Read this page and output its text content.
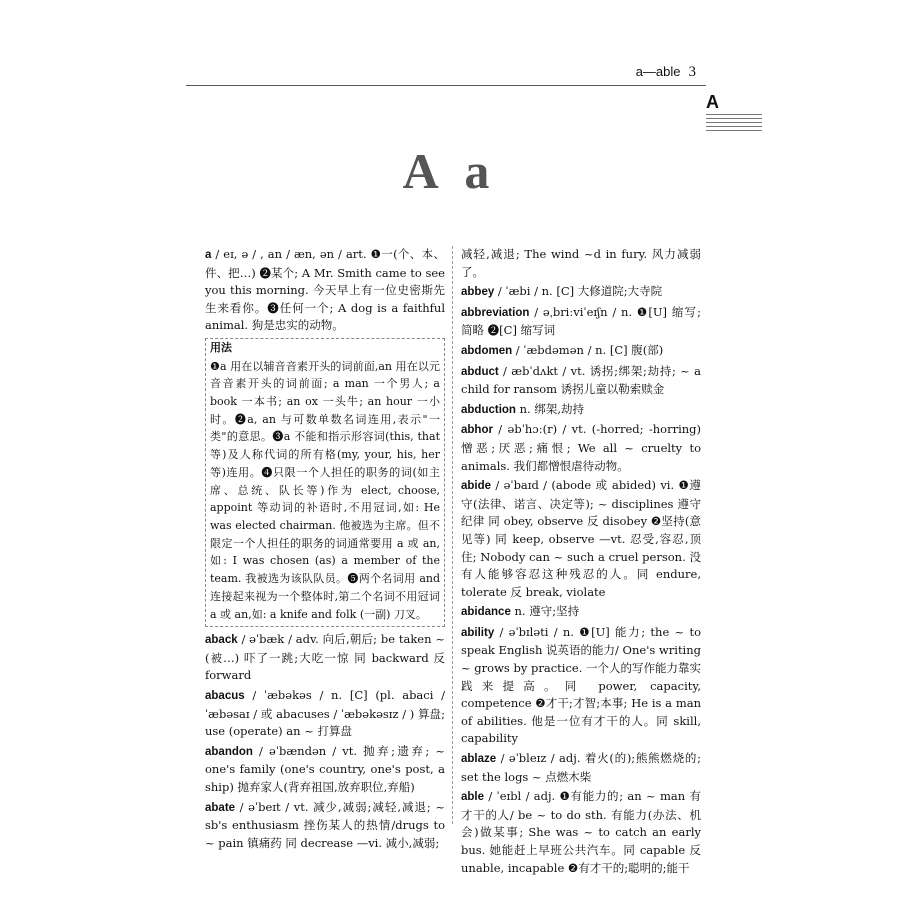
a—able 3
A
A a

a / eɪ, ə / , an / æn, ən / art. ❶一(个、本、件、把…) ❷某个; A Mr. Smith came to see you this morning. 今天早上有一位史密斯先生来看你。❸任何一个; A dog is a faithful animal. 狗是忠实的动物。

用法
❶a 用在以辅音音素开头的词前面,an 用在以元音音素开头的词前面; a man 一个男人; a book 一本书; an ox 一头牛; an hour 一小时。❷a, an 与可数单数名词连用,表示"一类"的意思。❸a 不能和指示形容词(this, that 等)及人称代词的所有格(my, your, his, her 等)连用。❹只限一个人担任的职务的词(如主席、总统、队长等)作为 elect, choose, appoint 等动词的补语时,不用冠词,如: He was elected chairman. 他被选为主席。但不限定一个人担任的职务的词通常要用 a 或 an,如: I was chosen (as) a member of the team. 我被选为该队队员。❺两个名词用 and 连接起来视为一个整体时,第二个名词不用冠词 a 或 an,如: a knife and folk (一副) 刀叉。

aback / əˈbæk / adv. 向后,朝后; be taken ~ (被…) 吓了一跳;大吃一惊 同 backward 反 forward

abacus / ˈæbəkəs / n. [C] (pl. abaci / ˈæbəsaɪ / 或 abacuses / ˈæbəkəsɪz / ) 算盘; use (operate) an ~ 打算盘

abandon / əˈbændən / vt. 抛弃;遗弃; ~ one's family (one's country, one's post, a ship) 抛弃家人(背弃祖国,放弃职位,弃船)

abate / əˈbeɪt / vt. 减少,减弱;减轻,减退; ~ sb's enthusiasm 挫伤某人的热情/drugs to ~ pain 镇痛药 同 decrease —vi. 减小,减弱;

减轻,减退; The wind ~d in fury. 风力减弱了。

abbey / ˈæbi / n. [C] 大修道院;大寺院

abbreviation / əˌbriːviˈeɪʃn / n. ❶[U] 缩写; 简略 ❷[C] 缩写词

abdomen / ˈæbdəmən / n. [C] 腹(部)

abduct / æbˈdʌkt / vt. 诱拐;绑架;劫持; ~ a child for ransom 诱拐儿童以勒索赎金

abduction n. 绑架,劫持

abhor / əbˈhɔː(r) / vt. (-horred; -horring) 憎恶;厌恶;痛恨; We all ~ cruelty to animals. 我们都憎恨虐待动物。

abide / əˈbaɪd / (abode 或 abided) vi. ❶遵守(法律、诺言、决定等); ~ disciplines 遵守纪律 同 obey, observe 反 disobey ❷坚持(意见等) 同 keep, observe —vt. 忍受,容忍,顶住; Nobody can ~ such a cruel person. 没有人能够容忍这种残忍的人。同 endure, tolerate 反 break, violate

abidance n. 遵守;坚持

ability / əˈbɪləti / n. ❶[U] 能力; the ~ to speak English 说英语的能力/ One's writing ~ grows by practice. 一个人的写作能力靠实践来提高。同 power, capacity, competence ❷才干;才智;本事; He is a man of abilities. 他是一位有才干的人。同 skill, capability

ablaze / əˈbleɪz / adj. 着火(的);熊熊燃烧的; set the logs ~ 点燃木柴

able / ˈeɪbl / adj. ❶有能力的; an ~ man 有才干的人/ be ~ to do sth. 有能力(办法、机会)做某事; She was ~ to catch an early bus. 她能赶上早班公共汽车。同 capable 反 unable, incapable ❷有才干的;聪明的;能干
